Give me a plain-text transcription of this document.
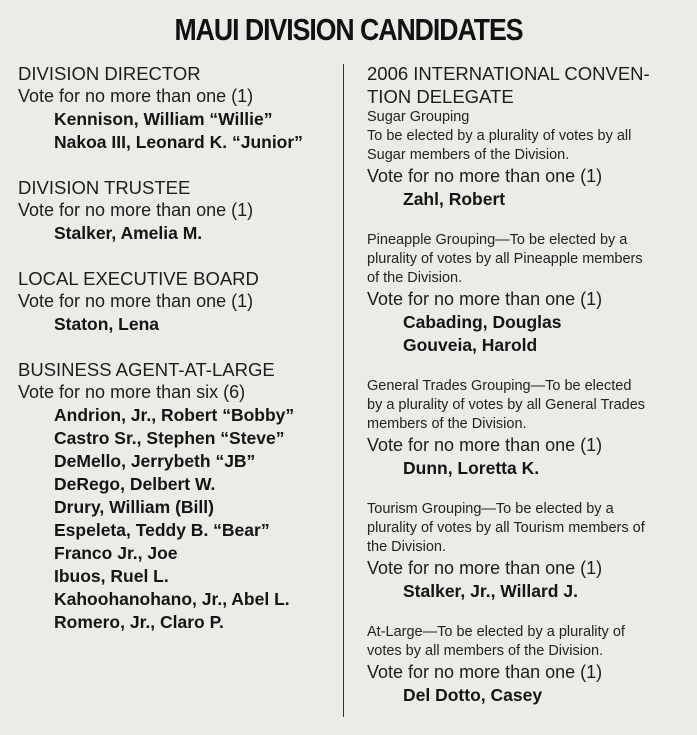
MAUI DIVISION CANDIDATES
DIVISION DIRECTOR
Vote for no more than one (1)
Kennison, William “Willie”
Nakoa III, Leonard K. “Junior”
DIVISION TRUSTEE
Vote for no more than one (1)
Stalker, Amelia M.
LOCAL EXECUTIVE BOARD
Vote for no more than one (1)
Staton, Lena
BUSINESS AGENT-AT-LARGE
Vote for no more than six (6)
Andrion, Jr., Robert “Bobby”
Castro Sr., Stephen “Steve”
DeMello, Jerrybeth “JB”
DeRego, Delbert W.
Drury, William (Bill)
Espeleta, Teddy B. “Bear”
Franco Jr., Joe
Ibuos, Ruel L.
Kahoohanohano, Jr., Abel L.
Romero, Jr., Claro P.
2006 INTERNATIONAL CONVEN-
TION DELEGATE
Sugar Grouping
To be elected by a plurality of votes by all
Sugar members of the Division.
Vote for no more than one (1)
Zahl, Robert
Pineapple Grouping—To be elected by a
plurality of votes by all Pineapple members
of the Division.
Vote for no more than one (1)
Cabading, Douglas
Gouveia, Harold
General Trades Grouping—To be elected
by a plurality of votes by all General Trades
members of the Division.
Vote for no more than one (1)
Dunn, Loretta K.
Tourism Grouping—To be elected by a
plurality of votes by all Tourism members of
the Division.
Vote for no more than one (1)
Stalker, Jr., Willard J.
At-Large—To be elected by a plurality of
votes by all members of the Division.
Vote for no more than one (1)
Del Dotto, Casey
